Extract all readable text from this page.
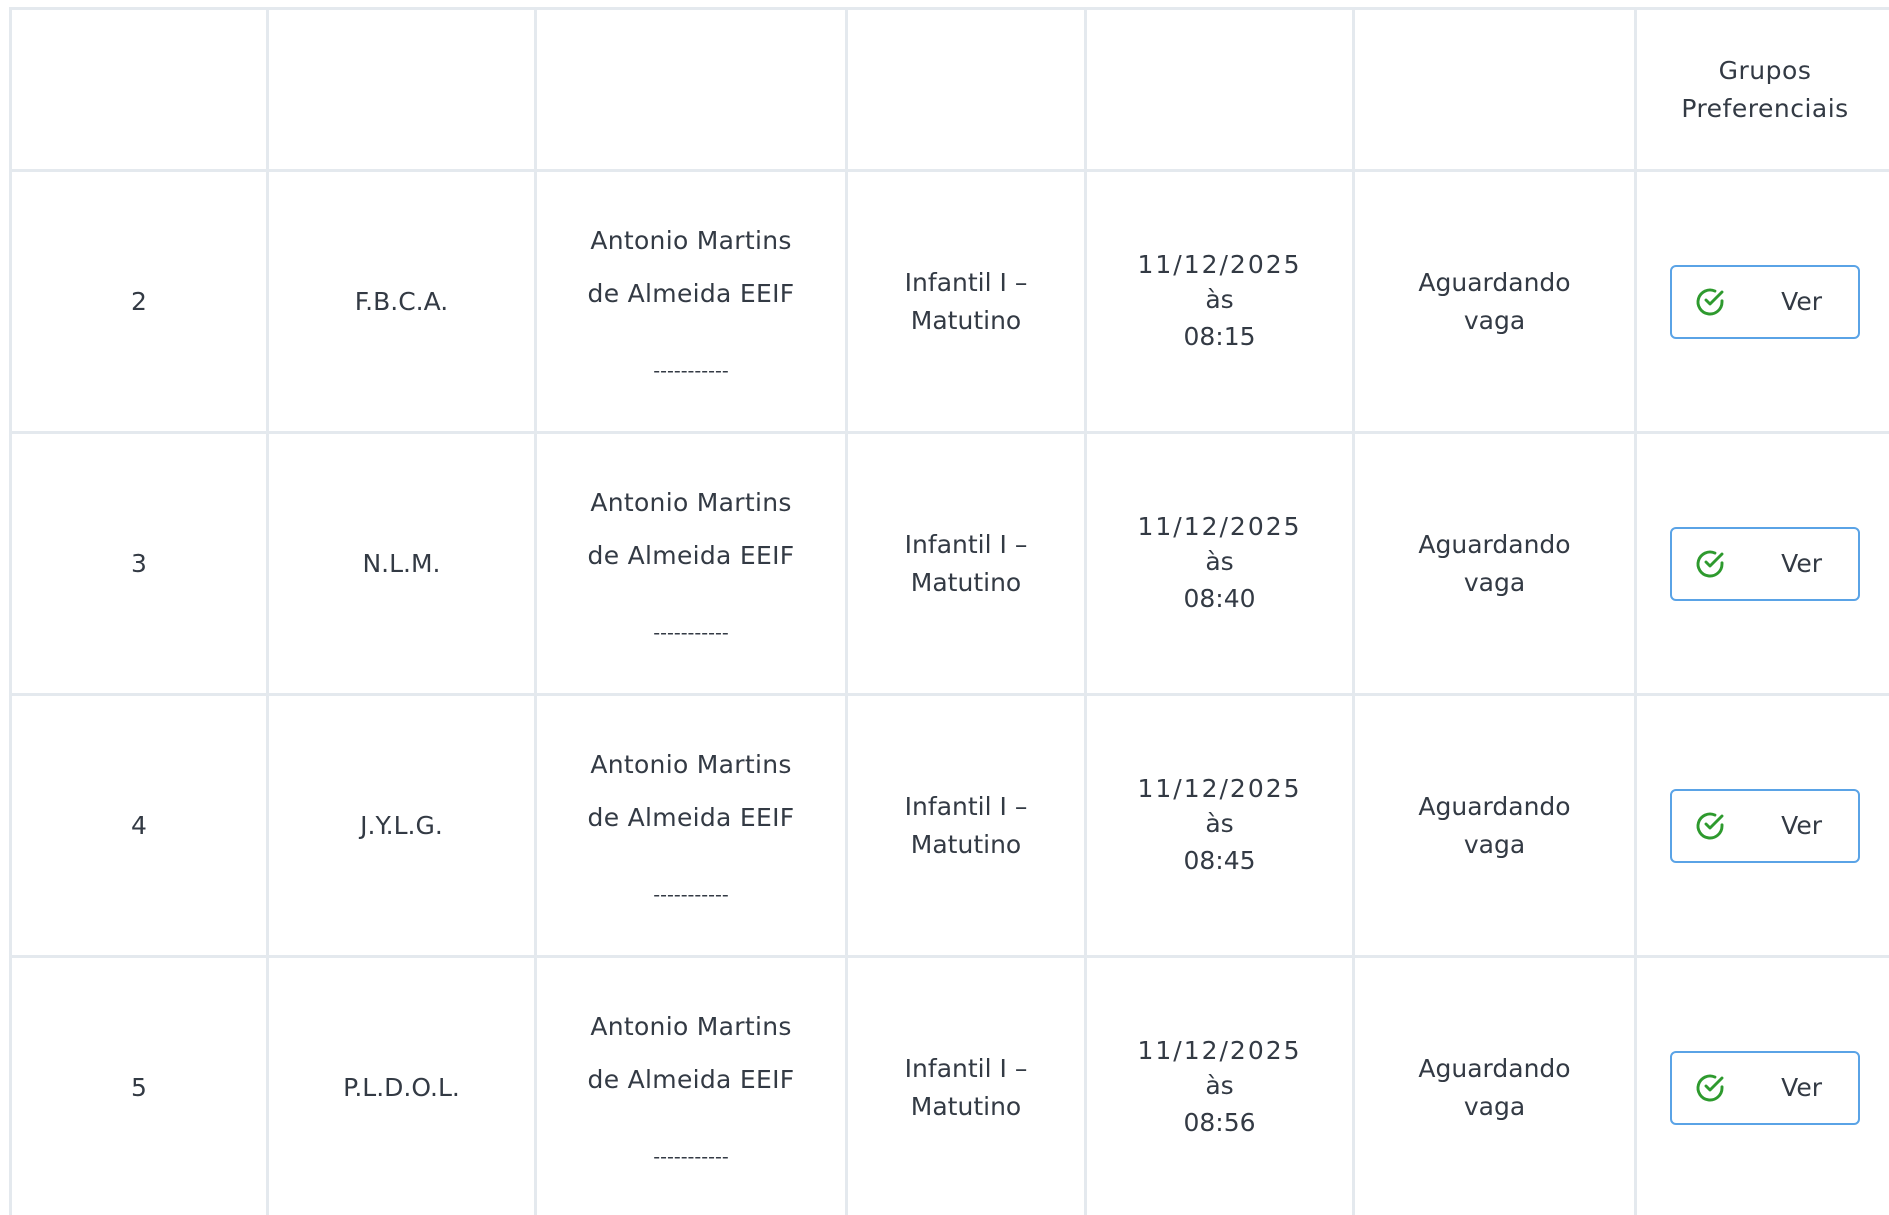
						Grupos
Preferenciais

2	F.B.C.A.	Antonio Martins
de Almeida EEIF
-----------	Infantil I –
Matutino	11/12/2025
às
08:15	Aguardando
vaga	Ver

3	N.L.M.	Antonio Martins
de Almeida EEIF
-----------	Infantil I –
Matutino	11/12/2025
às
08:40	Aguardando
vaga	Ver

4	J.Y.L.G.	Antonio Martins
de Almeida EEIF
-----------	Infantil I –
Matutino	11/12/2025
às
08:45	Aguardando
vaga	Ver

5	P.L.D.O.L.	Antonio Martins
de Almeida EEIF
-----------	Infantil I –
Matutino	11/12/2025
às
08:56	Aguardando
vaga	Ver
